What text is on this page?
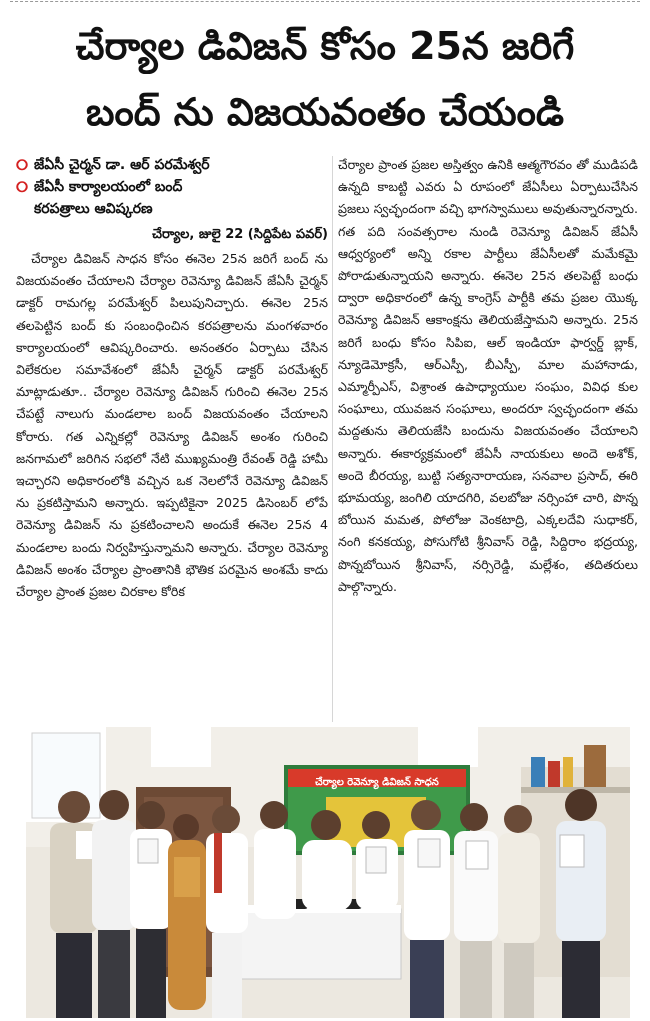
చేర్యాల డివిజన్ కోసం 25న జరిగే
బంద్ ను విజయవంతం చేయండి
⭘ జేఏసీ చైర్మన్ డా. ఆర్ పరమేశ్వర్
⭘ జేఏసీ కార్యాలయంలో బంద్
కరపత్రాలు ఆవిష్కరణ
చేర్యాల, జులై 22 (సిద్దిపేట పవర్)

చేర్యాల డివిజన్ సాధన కోసం ఈనెల 25న జరిగే బంద్ ను విజయవంతం చేయాలని చేర్యాల రెవెన్యూ డివిజన్ జేఏసీ చైర్మన్ డాక్టర్ రామగల్ల పరమేశ్వర్ పిలుపునిచ్చారు. ఈనెల 25న తలపెట్టిన బంద్ కు సంబంధించిన కరపత్రాలను మంగళవారం కార్యాలయంలో ఆవిష్కరించారు. అనంతరం ఏర్పాటు చేసిన విలేకరుల సమావేశంలో జేఏసీ చైర్మన్ డాక్టర్ పరమేశ్వర్ మాట్లాడుతూ.. చేర్యాల రెవెన్యూ డివిజన్ గురించి ఈనెల 25న చేపట్టే నాలుగు మండలాల బంద్ విజయవంతం చేయాలని కోరారు. గత ఎన్నికల్లో రెవెన్యూ డివిజన్ అంశం గురించి జనగామలో జరిగిన సభలో నేటి ముఖ్యమంత్రి రేవంత్ రెడ్డి హామీ ఇచ్చారని అధికారంలోకి వచ్చిన ఒక నెలలోనే రెవెన్యూ డివిజన్ ను ప్రకటిస్తామని అన్నారు. ఇప్పటికైనా 2025 డిసెంబర్ లోపే రెవెన్యూ డివిజన్ ను ప్రకటించాలని అందుకే ఈనెల 25న 4 మండలాల బందు నిర్వహిస్తున్నామని అన్నారు. చేర్యాల రెవెన్యూ డివిజన్ అంశం చేర్యాల ప్రాంతానికి భౌతిక పరమైన అంశమే కాదు చేర్యాల ప్రాంత ప్రజల చిరకాల కోరిక

చేర్యాల ప్రాంత ప్రజల అస్తిత్వం ఉనికి ఆత్మగౌరవం తో ముడిపడి ఉన్నది కాబట్టి ఎవరు ఏ రూపంలో జేఏసీలు ఏర్పాటుచేసిన ప్రజలు స్వచ్ఛందంగా వచ్చి భాగస్వాములు అవుతున్నారన్నారు. గత పది సంవత్సరాల నుండి రెవెన్యూ డివిజన్ జేఏసీ ఆధ్వర్యంలో అన్ని రకాల పార్టీలు జేఏసీలతో మమేకమై పోరాడుతున్నాయని అన్నారు. ఈనెల 25న తలపెట్టే బంధు ద్వారా అధికారంలో ఉన్న కాంగ్రెస్ పార్టీకి తమ ప్రజల యొక్క రెవెన్యూ డివిజన్ ఆకాంక్షను తెలియజేస్తామని అన్నారు. 25న జరిగే బంధు కోసం సిపిఐ, ఆల్ ఇండియా ఫార్వర్డ్ బ్లాక్, న్యూడెమోక్రసీ, ఆర్ఎస్పీ, బీఎస్పీ, మాల మహానాడు, ఎమ్మార్పీఎస్, విశ్రాంత ఉపాధ్యాయుల సంఘం, వివిధ కుల సంఘాలు, యువజన సంఘాలు, అందరూ స్వచ్ఛందంగా తమ మద్దతును తెలియజేసి బందును విజయవంతం చేయాలని అన్నారు. ఈకార్యక్రమంలో జేఏసీ నాయకులు అందె అశోక్, అందె బీరయ్య, బుట్టి సత్యనారాయణ, సనవాల ప్రసాద్, ఈరి భూమయ్య, జంగిలి యాదగిరి, వలబోజు నర్సింహా చారి, పొన్న బోయిన మమత, పోలోజు వెంకటాద్రి, ఎక్కలదేవి సుధాకర్, నంగి కనకయ్య, పోసుగోటి శ్రీనివాస్ రెడ్డి, సిద్దిరాం భద్రయ్య, పొన్నబోయిన శ్రీనివాస్, నర్సిరెడ్డి, మల్లేశం, తదితరులు పాల్గొన్నారు.

చేర్యాల రెవెన్యూ డివిజన్ సాధన
